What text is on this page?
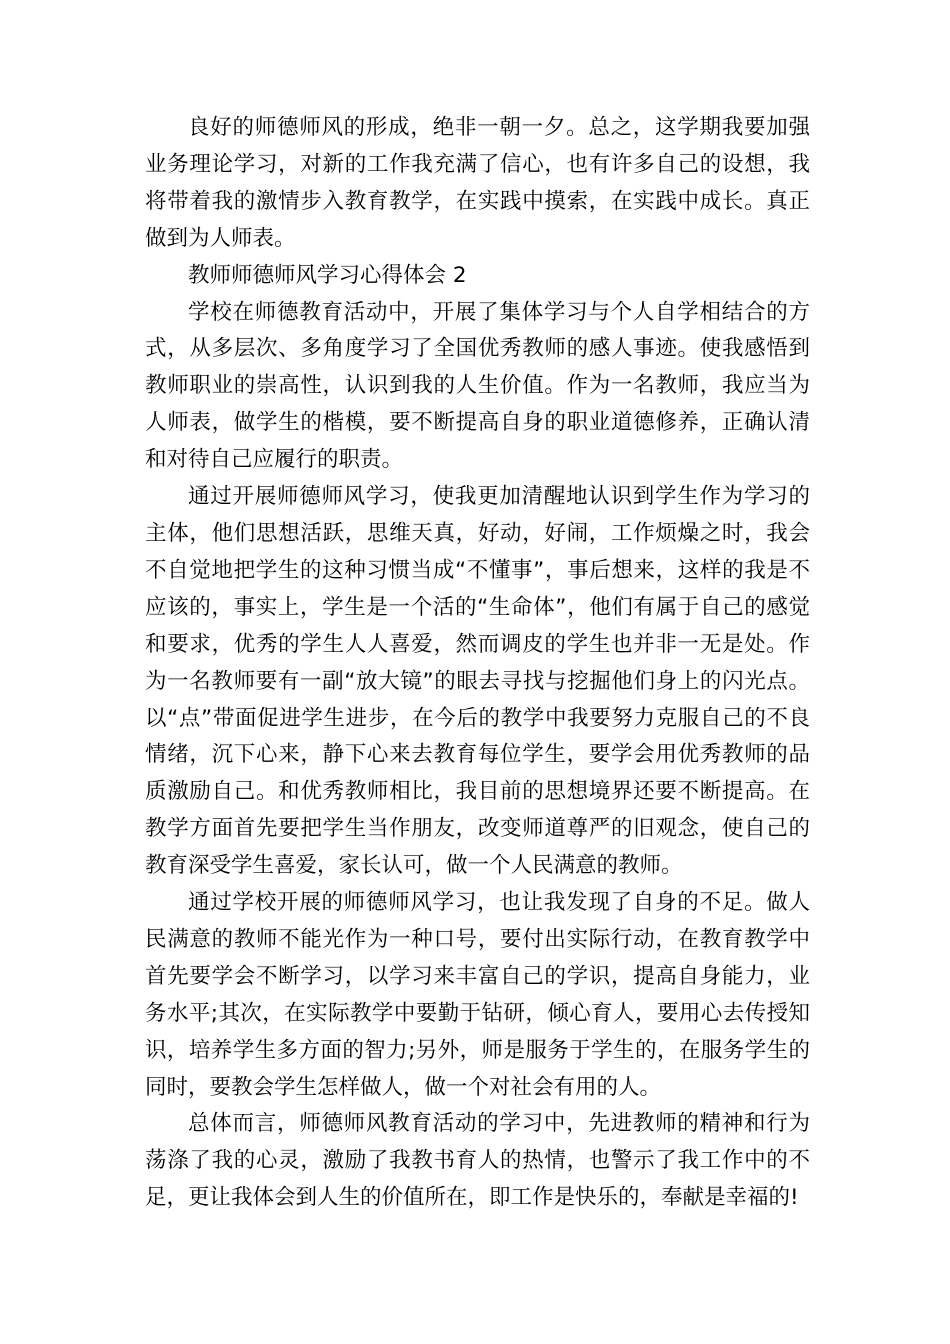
良好的师德师风的形成，绝非一朝一夕。总之，这学期我要加强业务理论学习，对新的工作我充满了信心，也有许多自己的设想，我将带着我的激情步入教育教学，在实践中摸索，在实践中成长。真正做到为人师表。

教师师德师风学习心得体会 2

学校在师德教育活动中，开展了集体学习与个人自学相结合的方式，从多层次、多角度学习了全国优秀教师的感人事迹。使我感悟到教师职业的崇高性，认识到我的人生价值。作为一名教师，我应当为人师表，做学生的楷模，要不断提高自身的职业道德修养，正确认清和对待自己应履行的职责。

通过开展师德师风学习，使我更加清醒地认识到学生作为学习的主体，他们思想活跃，思维天真，好动，好闹，工作烦燥之时，我会不自觉地把学生的这种习惯当成“不懂事”，事后想来，这样的我是不应该的，事实上，学生是一个活的“生命体”，他们有属于自己的感觉和要求，优秀的学生人人喜爱，然而调皮的学生也并非一无是处。作为一名教师要有一副“放大镜”的眼去寻找与挖掘他们身上的闪光点。以“点”带面促进学生进步，在今后的教学中我要努力克服自己的不良情绪，沉下心来，静下心来去教育每位学生，要学会用优秀教师的品质激励自己。和优秀教师相比，我目前的思想境界还要不断提高。在教学方面首先要把学生当作朋友，改变师道尊严的旧观念，使自己的教育深受学生喜爱，家长认可，做一个人民满意的教师。

通过学校开展的师德师风学习，也让我发现了自身的不足。做人民满意的教师不能光作为一种口号，要付出实际行动，在教育教学中首先要学会不断学习，以学习来丰富自己的学识，提高自身能力，业务水平;其次，在实际教学中要勤于钻研，倾心育人，要用心去传授知识，培养学生多方面的智力;另外，师是服务于学生的，在服务学生的同时，要教会学生怎样做人，做一个对社会有用的人。

总体而言，师德师风教育活动的学习中，先进教师的精神和行为荡涤了我的心灵，激励了我教书育人的热情，也警示了我工作中的不足，更让我体会到人生的价值所在，即工作是快乐的，奉献是幸福的!
